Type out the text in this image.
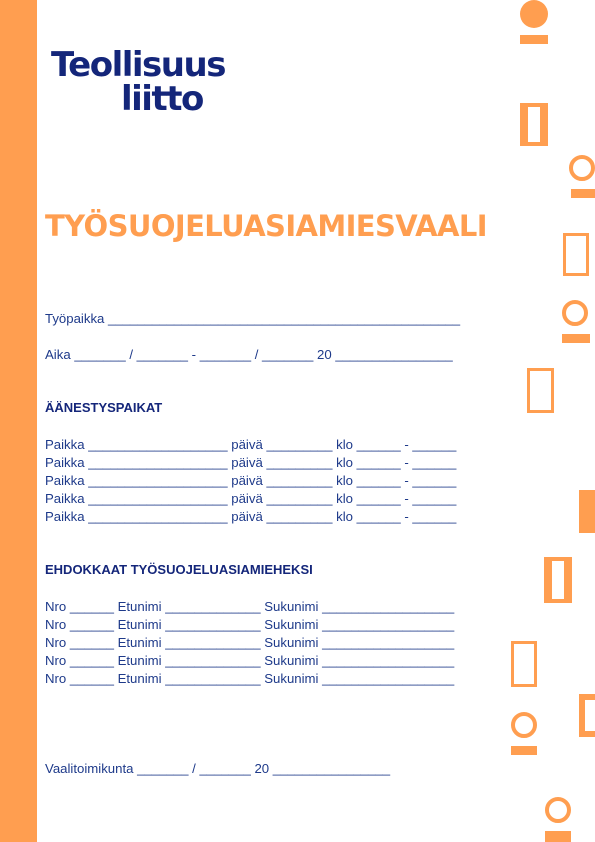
Teollisuus
liitto
TYÖSUOJELUASIAMIESVAALI
Työpaikka ________________________________________________
Aika _______ / _______ - _______ / _______ 20 ________________
ÄÄNESTYSPAIKAT
Paikka ___________________ päivä _________ klo ______ - ______
Paikka ___________________ päivä _________ klo ______ - ______
Paikka ___________________ päivä _________ klo ______ - ______
Paikka ___________________ päivä _________ klo ______ - ______
Paikka ___________________ päivä _________ klo ______ - ______
EHDOKKAAT TYÖSUOJELUASIAMIEHEKSI
Nro ______ Etunimi _____________ Sukunimi __________________
Nro ______ Etunimi _____________ Sukunimi __________________
Nro ______ Etunimi _____________ Sukunimi __________________
Nro ______ Etunimi _____________ Sukunimi __________________
Nro ______ Etunimi _____________ Sukunimi __________________
Vaalitoimikunta _______ / _______ 20 ________________
